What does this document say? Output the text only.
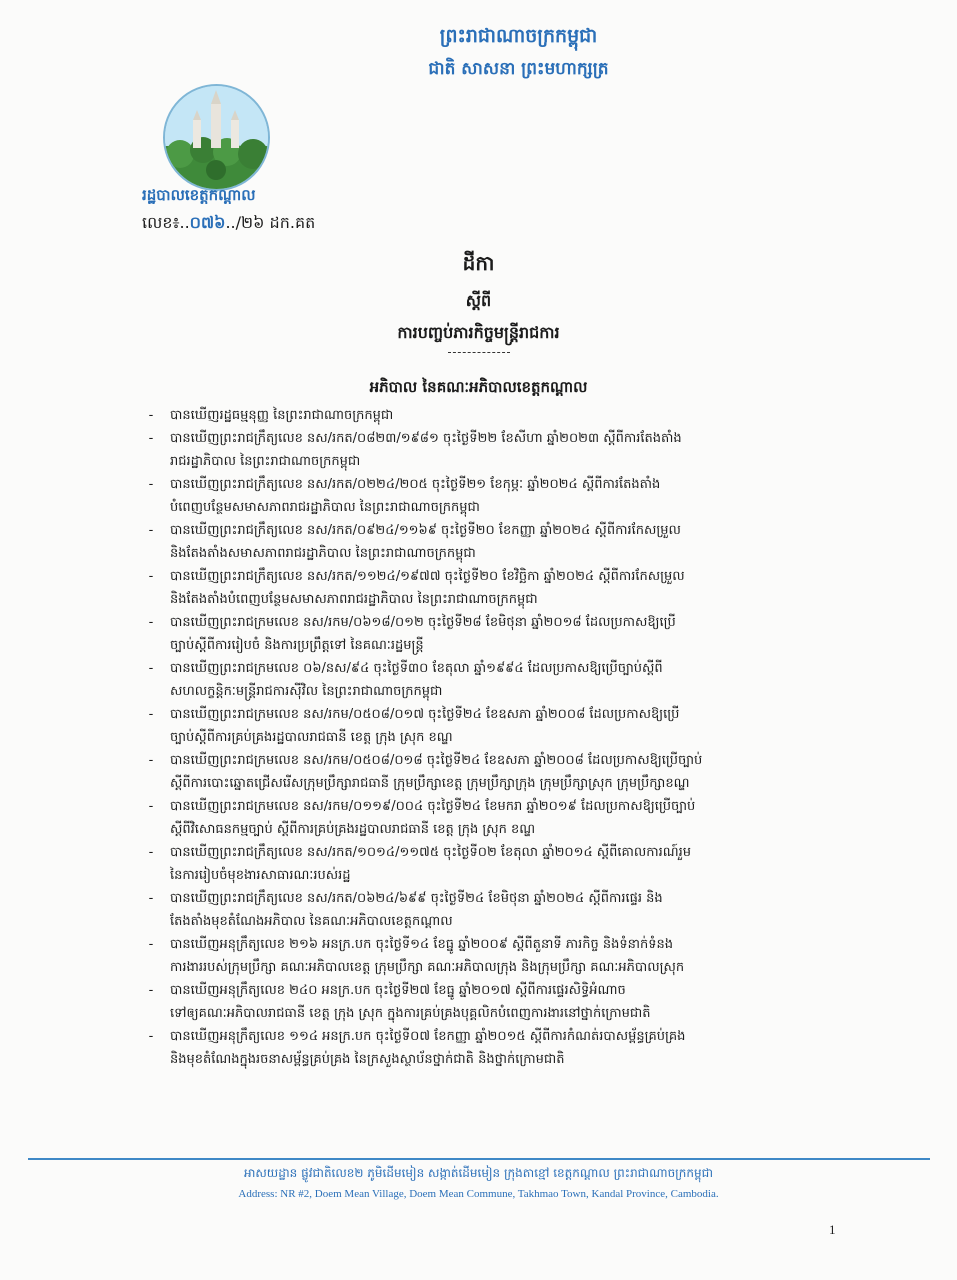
ព្រះរាជាណាចក្រកម្ពុជា
ជាតិ សាសនា ព្រះមហាក្សត្រ
រដ្ឋបាលខេត្តកណ្ដាល
លេខ៖..០៧៦../២៦ ដក.គត
ដីកា
ស្ដីពី
ការបញ្ចប់ភារកិច្ចមន្ត្រីរាជការ
អភិបាល នៃគណៈអភិបាលខេត្តកណ្ដាល
-	បានឃើញរដ្ឋធម្មនុញ្ញ នៃព្រះរាជាណាចក្រកម្ពុជា
-	បានឃើញព្រះរាជក្រឹត្យលេខ នស/រកត/០៨២៣/១៩៨១ ចុះថ្ងៃទី២២ ខែសីហា ឆ្នាំ២០២៣ ស្ដីពីការតែងតាំង
រាជរដ្ឋាភិបាល នៃព្រះរាជាណាចក្រកម្ពុជា
-	បានឃើញព្រះរាជក្រឹត្យលេខ នស/រកត/០២២៤/២០៥ ចុះថ្ងៃទី២១ ខែកុម្ភៈ ឆ្នាំ២០២៤ ស្ដីពីការតែងតាំង
បំពេញបន្ថែមសមាសភាពរាជរដ្ឋាភិបាល នៃព្រះរាជាណាចក្រកម្ពុជា
-	បានឃើញព្រះរាជក្រឹត្យលេខ នស/រកត/០៩២៤/១១៦៩ ចុះថ្ងៃទី២០ ខែកញ្ញា ឆ្នាំ២០២៤ ស្ដីពីការកែសម្រួល
និងតែងតាំងសមាសភាពរាជរដ្ឋាភិបាល នៃព្រះរាជាណាចក្រកម្ពុជា
-	បានឃើញព្រះរាជក្រឹត្យលេខ នស/រកត/១១២៤/១៩៧៧ ចុះថ្ងៃទី២០ ខែវិច្ឆិកា ឆ្នាំ២០២៤ ស្ដីពីការកែសម្រួល
និងតែងតាំងបំពេញបន្ថែមសមាសភាពរាជរដ្ឋាភិបាល នៃព្រះរាជាណាចក្រកម្ពុជា
-	បានឃើញព្រះរាជក្រមលេខ នស/រកម/០៦១៨/០១២ ចុះថ្ងៃទី២៨ ខែមិថុនា ឆ្នាំ២០១៨ ដែលប្រកាសឱ្យប្រើ
ច្បាប់ស្ដីពីការរៀបចំ និងការប្រព្រឹត្តទៅ នៃគណៈរដ្ឋមន្ត្រី
-	បានឃើញព្រះរាជក្រមលេខ ០៦/នស/៩៤ ចុះថ្ងៃទី៣០ ខែតុលា ឆ្នាំ១៩៩៤ ដែលប្រកាសឱ្យប្រើច្បាប់ស្ដីពី
សហលក្ខន្តិកៈមន្ត្រីរាជការស៊ីវិល នៃព្រះរាជាណាចក្រកម្ពុជា
-	បានឃើញព្រះរាជក្រមលេខ នស/រកម/០៥០៨/០១៧ ចុះថ្ងៃទី២៤ ខែឧសភា ឆ្នាំ២០០៨ ដែលប្រកាសឱ្យប្រើ
ច្បាប់ស្ដីពីការគ្រប់គ្រងរដ្ឋបាលរាជធានី ខេត្ត ក្រុង ស្រុក ខណ្ឌ
-	បានឃើញព្រះរាជក្រមលេខ នស/រកម/០៥០៨/០១៨ ចុះថ្ងៃទី២៤ ខែឧសភា ឆ្នាំ២០០៨ ដែលប្រកាសឱ្យប្រើច្បាប់
ស្ដីពីការបោះឆ្នោតជ្រើសរើសក្រុមប្រឹក្សារាជធានី ក្រុមប្រឹក្សាខេត្ត ក្រុមប្រឹក្សាក្រុង ក្រុមប្រឹក្សាស្រុក ក្រុមប្រឹក្សាខណ្ឌ
-	បានឃើញព្រះរាជក្រមលេខ នស/រកម/០១១៩/០០៤ ចុះថ្ងៃទី២៤ ខែមករា ឆ្នាំ២០១៩ ដែលប្រកាសឱ្យប្រើច្បាប់
ស្ដីពីវិសោធនកម្មច្បាប់ ស្ដីពីការគ្រប់គ្រងរដ្ឋបាលរាជធានី ខេត្ត ក្រុង ស្រុក ខណ្ឌ
-	បានឃើញព្រះរាជក្រឹត្យលេខ នស/រកត/១០១៤/១១៧៥ ចុះថ្ងៃទី០២ ខែតុលា ឆ្នាំ២០១៤ ស្ដីពីគោលការណ៍រួម
នៃការរៀបចំមុខងារសាធារណៈរបស់រដ្ឋ
-	បានឃើញព្រះរាជក្រឹត្យលេខ នស/រកត/០៦២៤/៦៩៩ ចុះថ្ងៃទី២៤ ខែមិថុនា ឆ្នាំ២០២៤ ស្ដីពីការផ្ទេរ និង
តែងតាំងមុខតំណែងអភិបាល នៃគណៈអភិបាលខេត្តកណ្ដាល
-	បានឃើញអនុក្រឹត្យលេខ ២១៦ អនក្រ.បក ចុះថ្ងៃទី១៤ ខែធ្នូ ឆ្នាំ២០០៩ ស្ដីពីតួនាទី ភារកិច្ច និងទំនាក់ទំនង
ការងាររបស់ក្រុមប្រឹក្សា គណៈអភិបាលខេត្ត ក្រុមប្រឹក្សា គណៈអភិបាលក្រុង និងក្រុមប្រឹក្សា គណៈអភិបាលស្រុក
-	បានឃើញអនុក្រឹត្យលេខ ២៤០ អនក្រ.បក ចុះថ្ងៃទី២៧ ខែធ្នូ ឆ្នាំ២០១៧ ស្ដីពីការផ្ទេរសិទ្ធិអំណាច
ទៅឲ្យគណៈអភិបាលរាជធានី ខេត្ត ក្រុង ស្រុក ក្នុងការគ្រប់គ្រងបុគ្គលិកបំពេញការងារនៅថ្នាក់ក្រោមជាតិ
-	បានឃើញអនុក្រឹត្យលេខ ១១៤ អនក្រ.បក ចុះថ្ងៃទី០៧ ខែកញ្ញា ឆ្នាំ២០១៥ ស្ដីពីការកំណត់របាសម្ព័ន្ធគ្រប់គ្រង
និងមុខតំណែងក្នុងរចនាសម្ព័ន្ធគ្រប់គ្រង នៃក្រសួងស្ថាប័នថ្នាក់ជាតិ និងថ្នាក់ក្រោមជាតិ
អាសយដ្ឋាន ផ្លូវជាតិលេខ២ ភូមិដើមមៀន សង្កាត់ដើមមៀន ក្រុងតាខ្មៅ ខេត្តកណ្ដាល ព្រះរាជាណាចក្រកម្ពុជា
Address: NR #2, Doem Mean Village, Doem Mean Commune, Takhmao Town, Kandal Province, Cambodia.
1
